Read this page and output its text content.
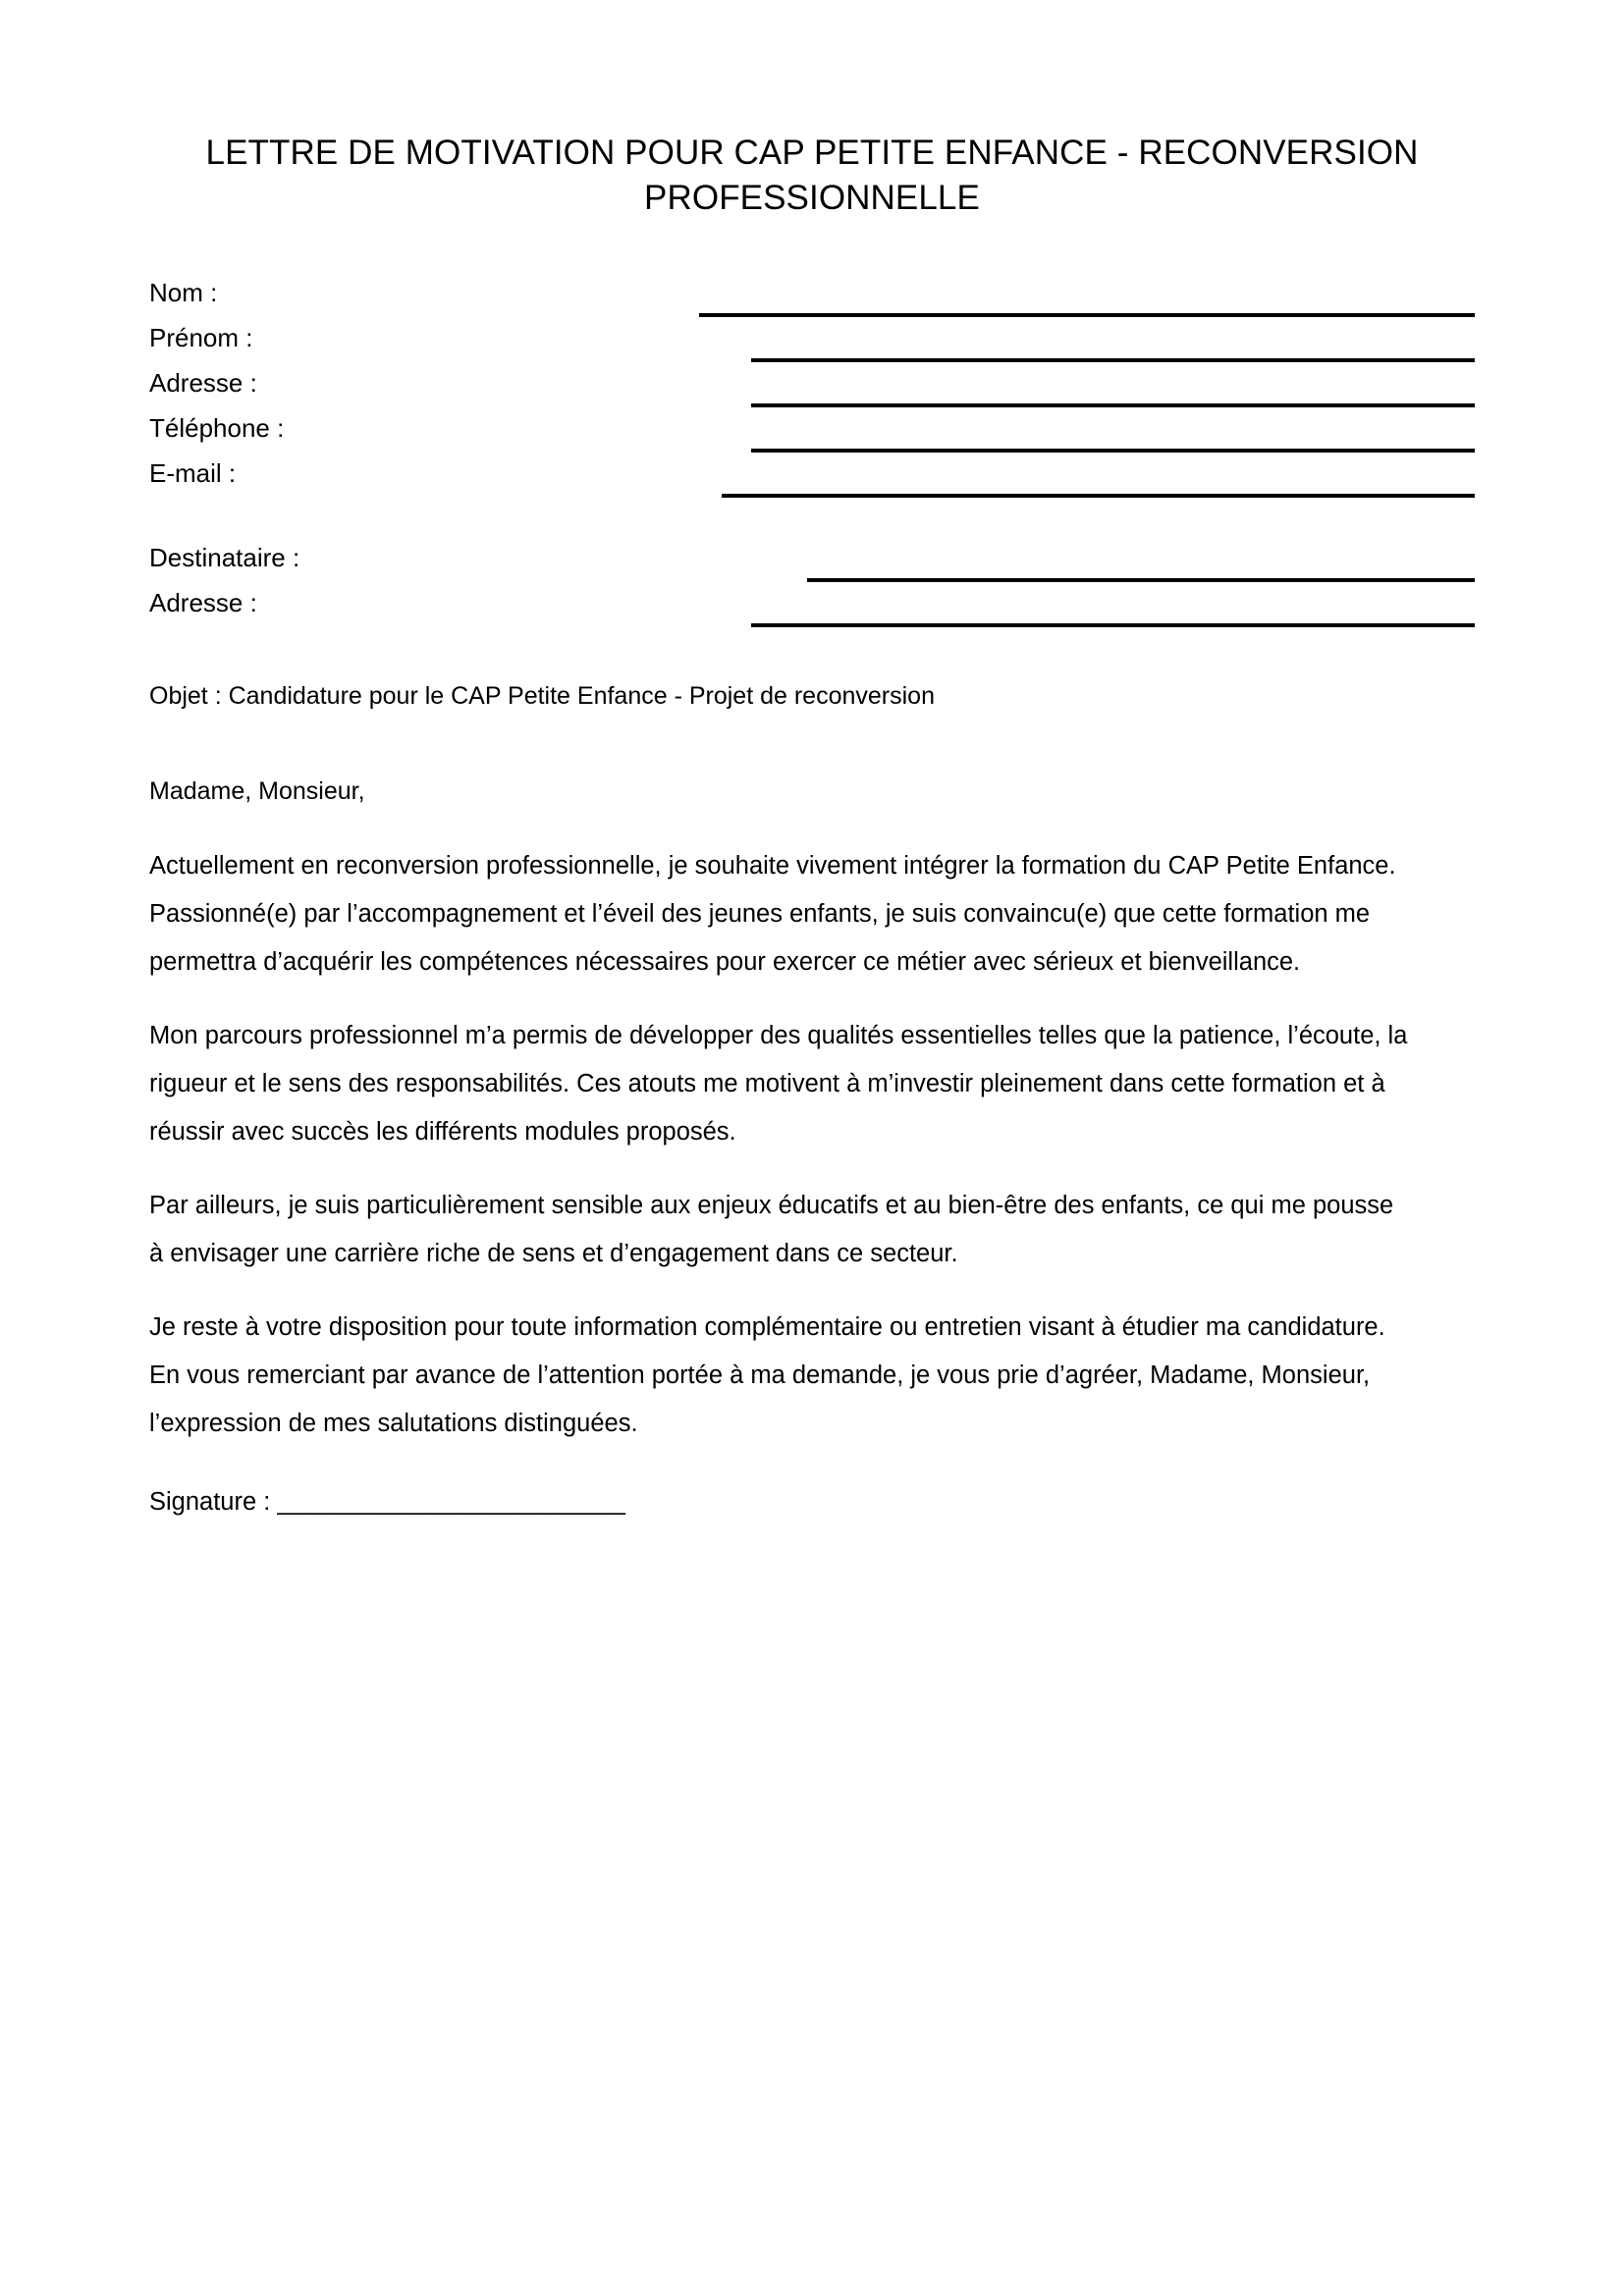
LETTRE DE MOTIVATION POUR CAP PETITE ENFANCE - RECONVERSION PROFESSIONNELLE
Nom :
Prénom :
Adresse :
Téléphone :
E-mail :
Destinataire :
Adresse :
Objet : Candidature pour le CAP Petite Enfance - Projet de reconversion
Madame, Monsieur,

Actuellement en reconversion professionnelle, je souhaite vivement intégrer la formation du CAP Petite Enfance. Passionné(e) par l’accompagnement et l’éveil des jeunes enfants, je suis convaincu(e) que cette formation me permettra d’acquérir les compétences nécessaires pour exercer ce métier avec sérieux et bienveillance.

Mon parcours professionnel m’a permis de développer des qualités essentielles telles que la patience, l’écoute, la rigueur et le sens des responsabilités. Ces atouts me motivent à m’investir pleinement dans cette formation et à réussir avec succès les différents modules proposés.

Par ailleurs, je suis particulièrement sensible aux enjeux éducatifs et au bien-être des enfants, ce qui me pousse à envisager une carrière riche de sens et d’engagement dans ce secteur.

Je reste à votre disposition pour toute information complémentaire ou entretien visant à étudier ma candidature. En vous remerciant par avance de l’attention portée à ma demande, je vous prie d’agréer, Madame, Monsieur, l’expression de mes salutations distinguées.

Signature : _________________________
